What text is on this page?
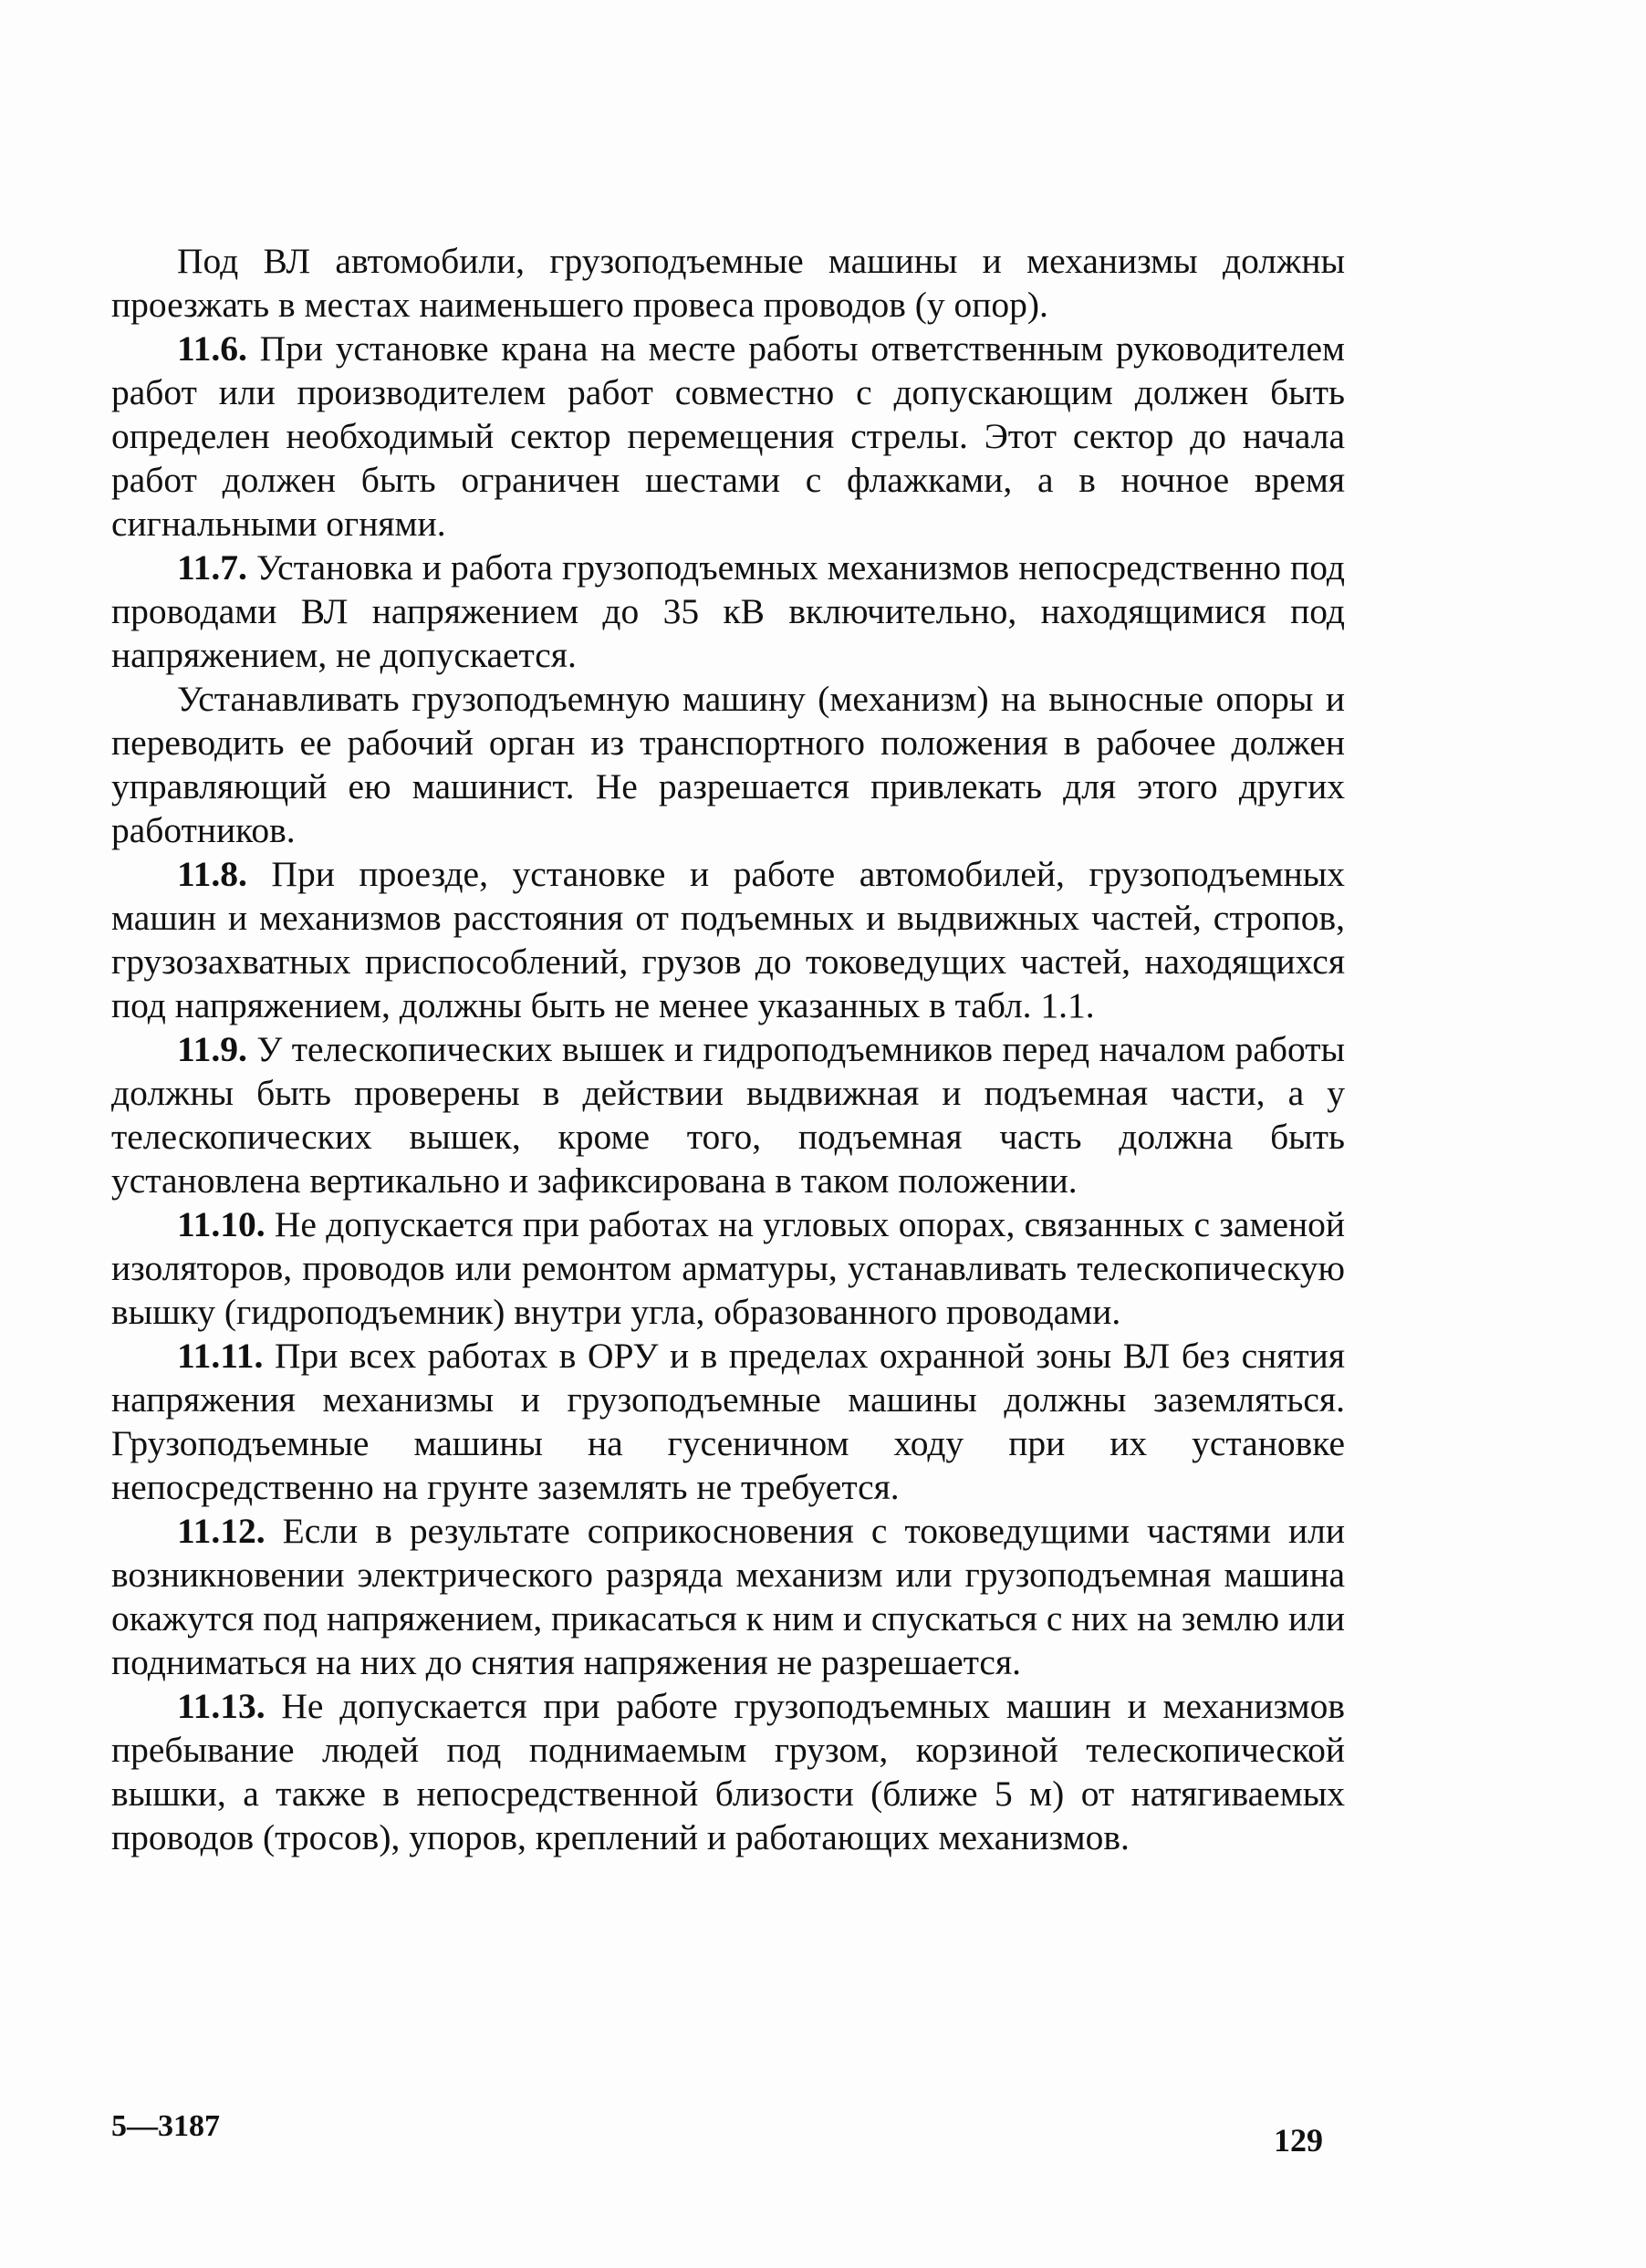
Под ВЛ автомобили, грузоподъемные машины и механизмы должны проезжать в местах наименьшего провеса проводов (у опор).

11.6. При установке крана на месте работы ответственным руководителем работ или производителем работ совместно с допускающим должен быть определен необходимый сектор перемещения стрелы. Этот сектор до начала работ должен быть ограничен шестами с флажками, а в ночное время сигнальными огнями.

11.7. Установка и работа грузоподъемных механизмов непосредственно под проводами ВЛ напряжением до 35 кВ включительно, находящимися под напряжением, не допускается.

Устанавливать грузоподъемную машину (механизм) на выносные опоры и переводить ее рабочий орган из транспортного положения в рабочее должен управляющий ею машинист. Не разрешается привлекать для этого других работников.

11.8. При проезде, установке и работе автомобилей, грузоподъемных машин и механизмов расстояния от подъемных и выдвижных частей, стропов, грузозахватных приспособлений, грузов до токоведущих частей, находящихся под напряжением, должны быть не менее указанных в табл. 1.1.

11.9. У телескопических вышек и гидроподъемников перед началом работы должны быть проверены в действии выдвижная и подъемная части, а у телескопических вышек, кроме того, подъемная часть должна быть установлена вертикально и зафиксирована в таком положении.

11.10. Не допускается при работах на угловых опорах, связанных с заменой изоляторов, проводов или ремонтом арматуры, устанавливать телескопическую вышку (гидроподъемник) внутри угла, образованного проводами.

11.11. При всех работах в ОРУ и в пределах охранной зоны ВЛ без снятия напряжения механизмы и грузоподъемные машины должны заземляться. Грузоподъемные машины на гусеничном ходу при их установке непосредственно на грунте заземлять не требуется.

11.12. Если в результате соприкосновения с токоведущими частями или возникновении электрического разряда механизм или грузоподъемная машина окажутся под напряжением, прикасаться к ним и спускаться с них на землю или подниматься на них до снятия напряжения не разрешается.

11.13. Не допускается при работе грузоподъемных машин и механизмов пребывание людей под поднимаемым грузом, корзиной телескопической вышки, а также в непосредственной близости (ближе 5 м) от натягиваемых проводов (тросов), упоров, креплений и работающих механизмов.

5—3187	129
